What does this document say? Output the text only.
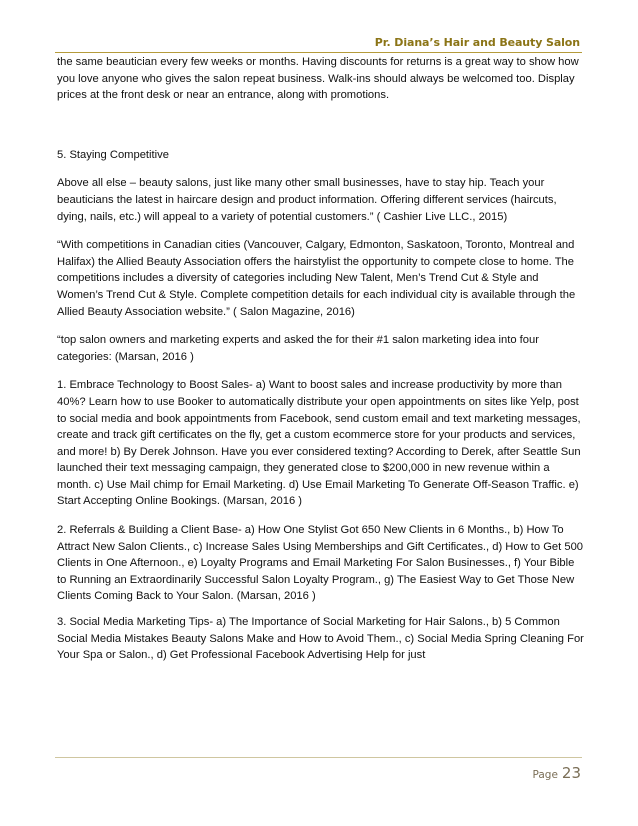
Pr. Diana’s Hair and Beauty Salon

the same beautician every few weeks or months. Having discounts for returns is a great way to show how you love anyone who gives the salon repeat business. Walk-ins should always be welcomed too. Display prices at the front desk or near an entrance, along with promotions.

5. Staying Competitive

Above all else – beauty salons, just like many other small businesses, have to stay hip. Teach your beauticians the latest in haircare design and product information. Offering different services (haircuts, dying, nails, etc.) will appeal to a variety of potential customers.” ( Cashier Live LLC., 2015)

“With competitions in Canadian cities (Vancouver, Calgary, Edmonton, Saskatoon, Toronto, Montreal and Halifax) the Allied Beauty Association offers the hairstylist the opportunity to compete close to home. The competitions includes a diversity of categories including New Talent, Men’s Trend Cut & Style and Women’s Trend Cut & Style. Complete competition details for each individual city is available through the Allied Beauty Association website.” ( Salon Magazine, 2016)

“top salon owners and marketing experts and asked the for their #1 salon marketing idea into four categories: (Marsan, 2016 )

1. Embrace Technology to Boost Sales- a) Want to boost sales and increase productivity by more than 40%? Learn how to use Booker to automatically distribute your open appointments on sites like Yelp, post to social media and book appointments from Facebook, send custom email and text marketing messages, create and track gift certificates on the fly, get a custom ecommerce store for your products and services, and more! b) By Derek Johnson. Have you ever considered texting? According to Derek, after Seattle Sun launched their text messaging campaign, they generated close to $200,000 in new revenue within a month. c) Use Mail chimp for Email Marketing. d) Use Email Marketing To Generate Off-Season Traffic. e) Start Accepting Online Bookings. (Marsan, 2016 )

2. Referrals & Building a Client Base- a) How One Stylist Got 650 New Clients in 6 Months., b) How To Attract New Salon Clients., c) Increase Sales Using Memberships and Gift Certificates., d) How to Get 500 Clients in One Afternoon., e) Loyalty Programs and Email Marketing For Salon Businesses., f) Your Bible to Running an Extraordinarily Successful Salon Loyalty Program., g) The Easiest Way to Get Those New Clients Coming Back to Your Salon. (Marsan, 2016 )

3. Social Media Marketing Tips- a) The Importance of Social Marketing for Hair Salons., b) 5 Common Social Media Mistakes Beauty Salons Make and How to Avoid Them., c) Social Media Spring Cleaning For Your Spa or Salon., d) Get Professional Facebook Advertising Help for just

Page 23
